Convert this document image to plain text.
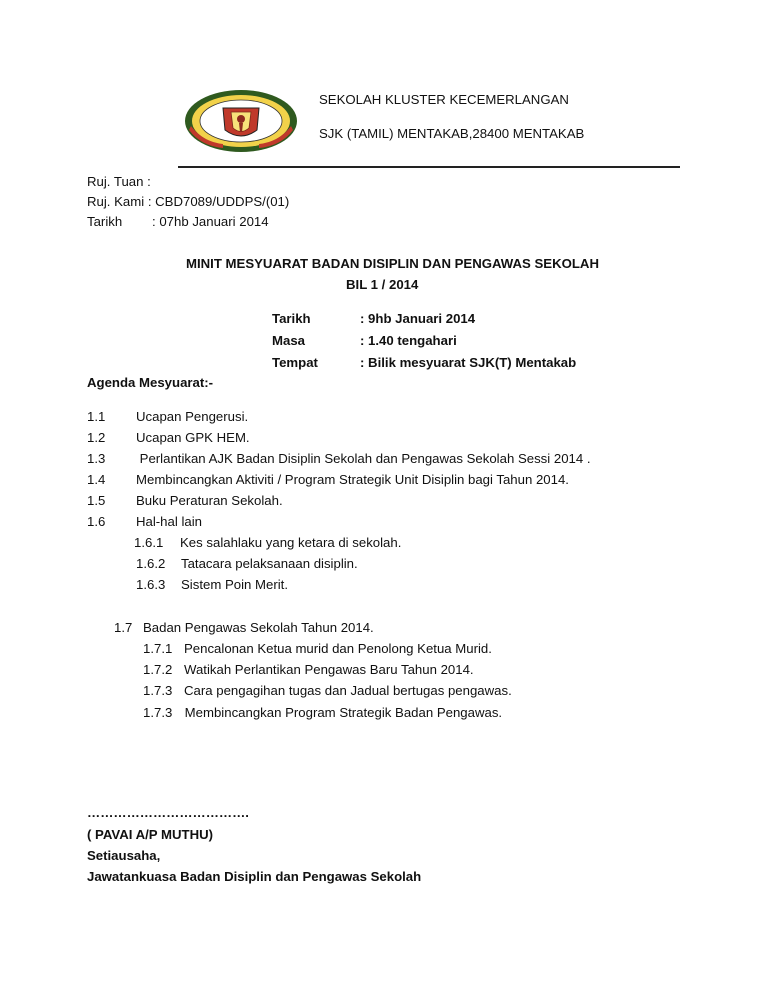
SEKOLAH KLUSTER KECEMERLANGAN
SJK (TAMIL) MENTAKAB,28400 MENTAKAB
Ruj. Tuan :
Ruj. Kami : CBD7089/UDDPS/(01)
Tarikh : 07hb Januari 2014
MINIT MESYUARAT BADAN DISIPLIN DAN PENGAWAS SEKOLAH
BIL 1 / 2014
Tarikh	: 9hb Januari 2014
Masa	: 1.40 tengahari
Tempat	: Bilik mesyuarat SJK(T) Mentakab
Agenda Mesyuarat:-
1.1 Ucapan Pengerusi.
1.2 Ucapan GPK HEM.
1.3 Perlantikan AJK Badan Disiplin Sekolah dan Pengawas Sekolah Sessi 2014 .
1.4 Membincangkan Aktiviti / Program Strategik Unit Disiplin bagi Tahun 2014.
1.5 Buku Peraturan Sekolah.
1.6 Hal-hal lain
1.6.1 Kes salahlaku yang ketara di sekolah.
1.6.2 Tatacara pelaksanaan disiplin.
1.6.3 Sistem Poin Merit.
1.7 Badan Pengawas Sekolah Tahun 2014.
1.7.1 Pencalonan Ketua murid dan Penolong Ketua Murid.
1.7.2 Watikah Perlantikan Pengawas Baru Tahun 2014.
1.7.3 Cara pengagihan tugas dan Jadual bertugas pengawas.
1.7.3 Membincangkan Program Strategik Badan Pengawas.
……………………………….
( PAVAI A/P MUTHU)
Setiausaha,
Jawatankuasa Badan Disiplin dan Pengawas Sekolah
